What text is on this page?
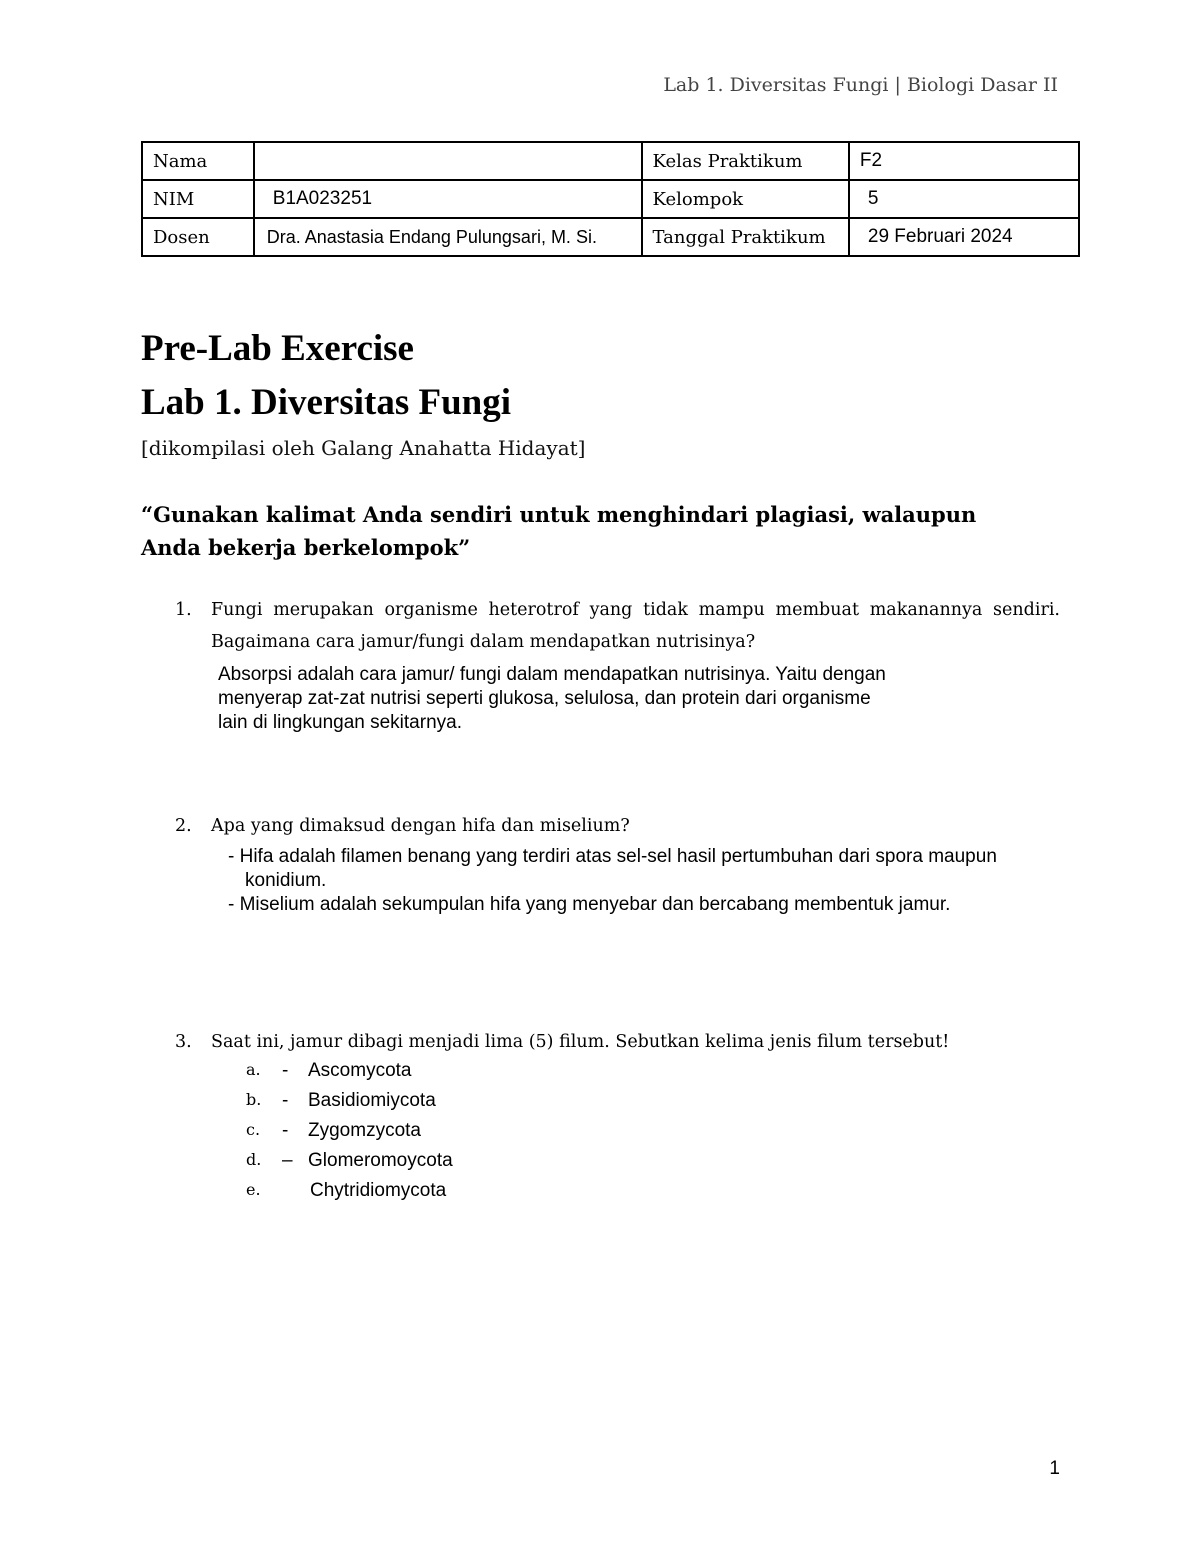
Lab 1. Diversitas Fungi | Biologi Dasar II
Nama		Kelas Praktikum	F2
NIM	B1A023251	Kelompok	5
Dosen	Dra. Anastasia Endang Pulungsari, M. Si.	Tanggal Praktikum	29 Februari 2024
Pre-Lab Exercise
Lab 1. Diversitas Fungi
[dikompilasi oleh Galang Anahatta Hidayat]
“Gunakan kalimat Anda sendiri untuk menghindari plagiasi, walaupun Anda bekerja berkelompok”
1. Fungi merupakan organisme heterotrof yang tidak mampu membuat makanannya sendiri. Bagaimana cara jamur/fungi dalam mendapatkan nutrisinya?
Absorpsi adalah cara jamur/ fungi dalam mendapatkan nutrisinya. Yaitu dengan
menyerap zat-zat nutrisi seperti glukosa, selulosa, dan protein dari organisme
lain di lingkungan sekitarnya.
2. Apa yang dimaksud dengan hifa dan miselium?
- Hifa adalah filamen benang yang terdiri atas sel-sel hasil pertumbuhan dari spora maupun
konidium.
- Miselium adalah sekumpulan hifa yang menyebar dan bercabang membentuk jamur.
3. Saat ini, jamur dibagi menjadi lima (5) filum. Sebutkan kelima jenis filum tersebut!
a. - Ascomycota
b. - Basidiomiycota
c. - Zygomzycota
d. – Glomeromoycota
e.	Chytridiomycota
1
